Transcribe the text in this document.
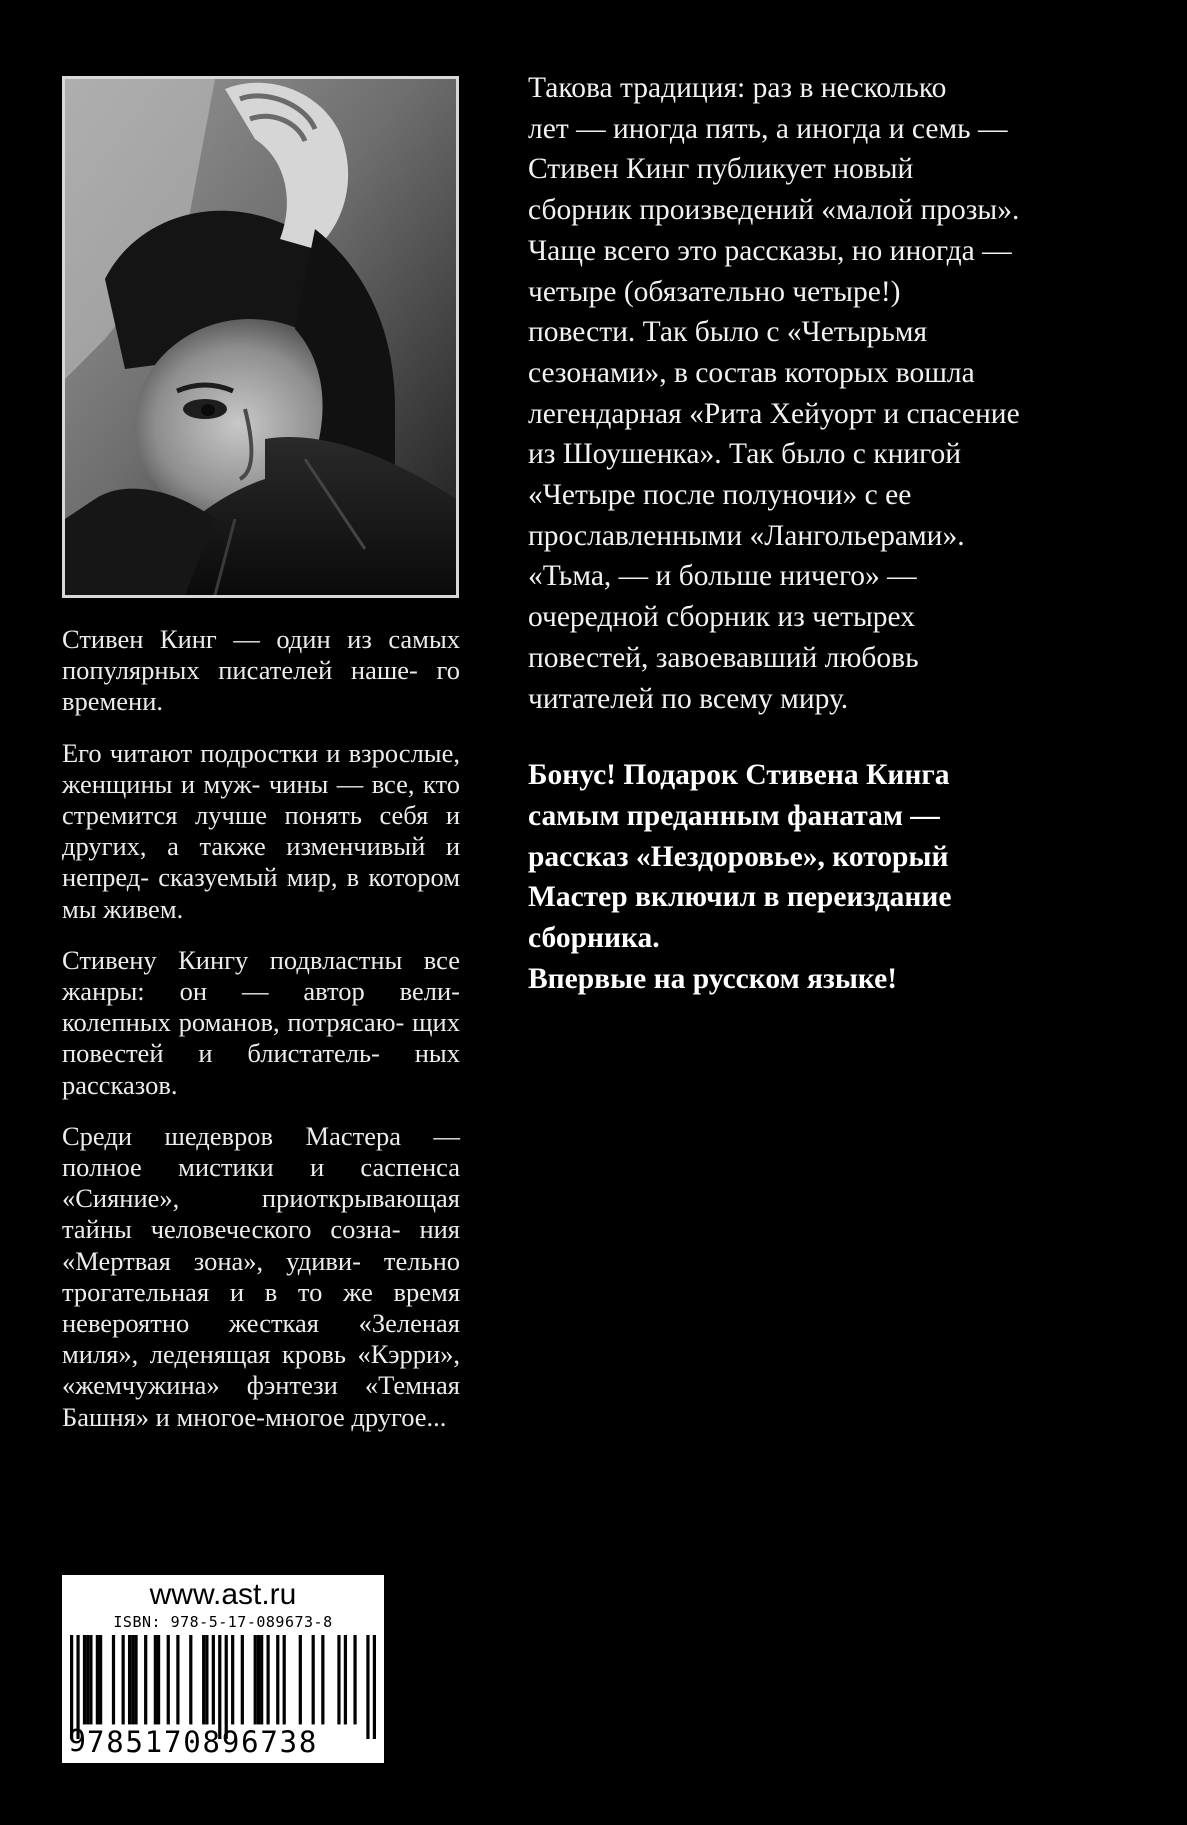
Стивен Кинг — один из самых популярных писателей наше- го времени.

Его читают подростки и взрослые, женщины и муж- чины — все, кто стремится лучше понять себя и других, а также изменчивый и непред- сказуемый мир, в котором мы живем.

Стивену Кингу подвластны все жанры: он — автор вели- колепных романов, потрясаю- щих повестей и блистатель- ных рассказов.

Среди шедевров Мастера — полное мистики и саспенса «Сияние», приоткрывающая тайны человеческого созна- ния «Мертвая зона», удиви- тельно трогательная и в то же время невероятно жесткая «Зеленая миля», леденящая кровь «Кэрри», «жемчужина» фэнтези «Темная Башня» и многое-многое другое...

Такова традиция: раз в несколько
лет — иногда пять, а иногда и семь —
Стивен Кинг публикует новый
сборник произведений «малой прозы».
Чаще всего это рассказы, но иногда —
четыре (обязательно четыре!)
повести. Так было с «Четырьмя
сезонами», в состав которых вошла
легендарная «Рита Хейуорт и спасение
из Шоушенка». Так было с книгой
«Четыре после полуночи» с ее
прославленными «Лангольерами».
«Тьма, — и больше ничего» —
очередной сборник из четырех
повестей, завоевавший любовь
читателей по всему миру.

Бонус! Подарок Стивена Кинга
самым преданным фанатам —
рассказ «Нездоровье», который
Мастер включил в переиздание
сборника.
Впервые на русском языке!

www.ast.ru
ISBN: 978-5-17-089673-8
9 785170896738
